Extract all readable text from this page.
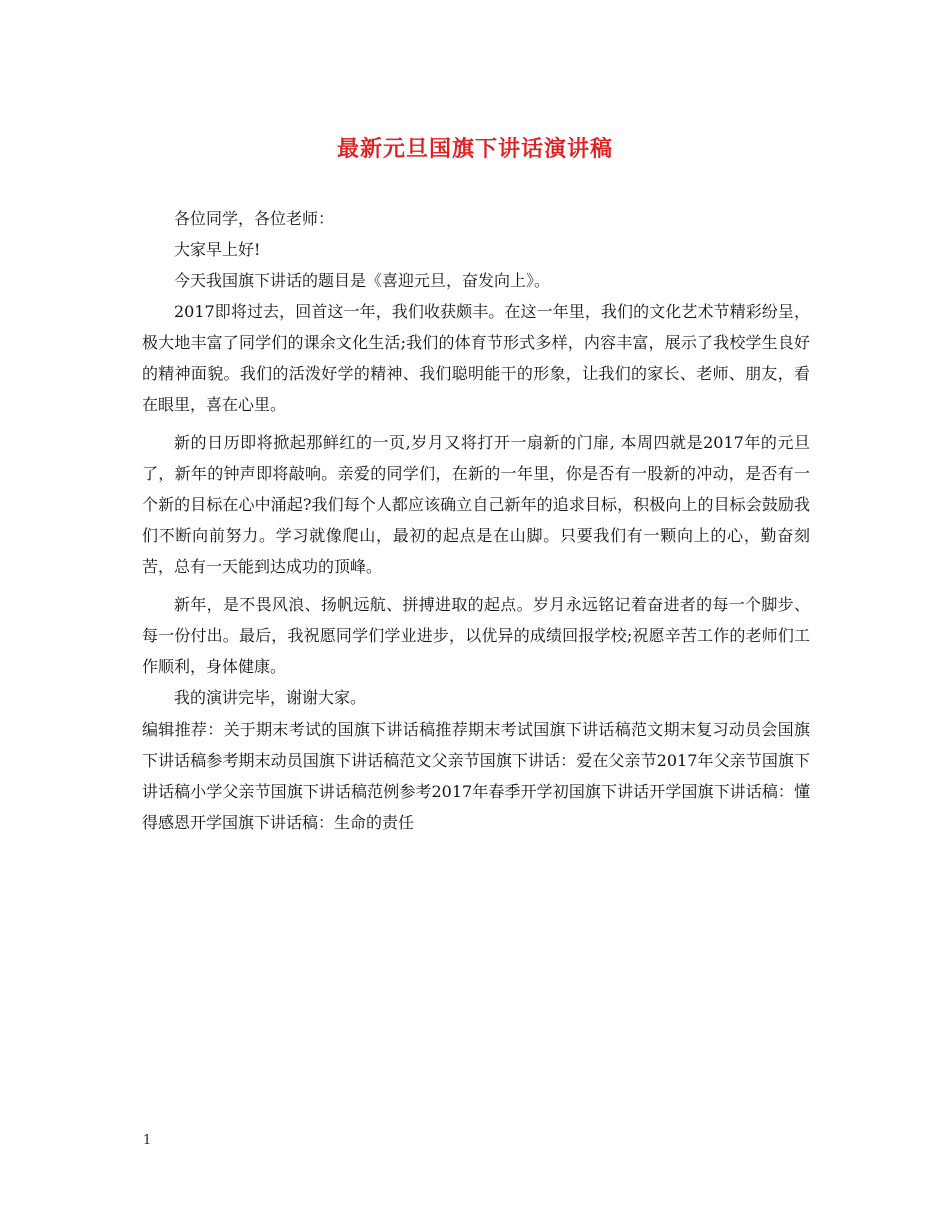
最新元旦国旗下讲话演讲稿

各位同学，各位老师：

大家早上好!

今天我国旗下讲话的题目是《喜迎元旦，奋发向上》。

2017即将过去，回首这一年，我们收获颇丰。在这一年里，我们的文化艺术节精彩纷呈，极大地丰富了同学们的课余文化生活;我们的体育节形式多样，内容丰富，展示了我校学生良好的精神面貌。我们的活泼好学的精神、我们聪明能干的形象，让我们的家长、老师、朋友，看在眼里，喜在心里。

新的日历即将掀起那鲜红的一页,岁月又将打开一扇新的门扉, 本周四就是2017年的元旦了，新年的钟声即将敲响。亲爱的同学们，在新的一年里，你是否有一股新的冲动，是否有一个新的目标在心中涌起?我们每个人都应该确立自己新年的追求目标，积极向上的目标会鼓励我们不断向前努力。学习就像爬山，最初的起点是在山脚。只要我们有一颗向上的心，勤奋刻苦，总有一天能到达成功的顶峰。

新年，是不畏风浪、扬帆远航、拼搏进取的起点。岁月永远铭记着奋进者的每一个脚步、每一份付出。最后，我祝愿同学们学业进步，以优异的成绩回报学校;祝愿辛苦工作的老师们工作顺利，身体健康。

我的演讲完毕，谢谢大家。

编辑推荐：关于期末考试的国旗下讲话稿推荐期末考试国旗下讲话稿范文期末复习动员会国旗下讲话稿参考期末动员国旗下讲话稿范文父亲节国旗下讲话：爱在父亲节2017年父亲节国旗下讲话稿小学父亲节国旗下讲话稿范例参考2017年春季开学初国旗下讲话开学国旗下讲话稿：懂得感恩开学国旗下讲话稿：生命的责任

1
